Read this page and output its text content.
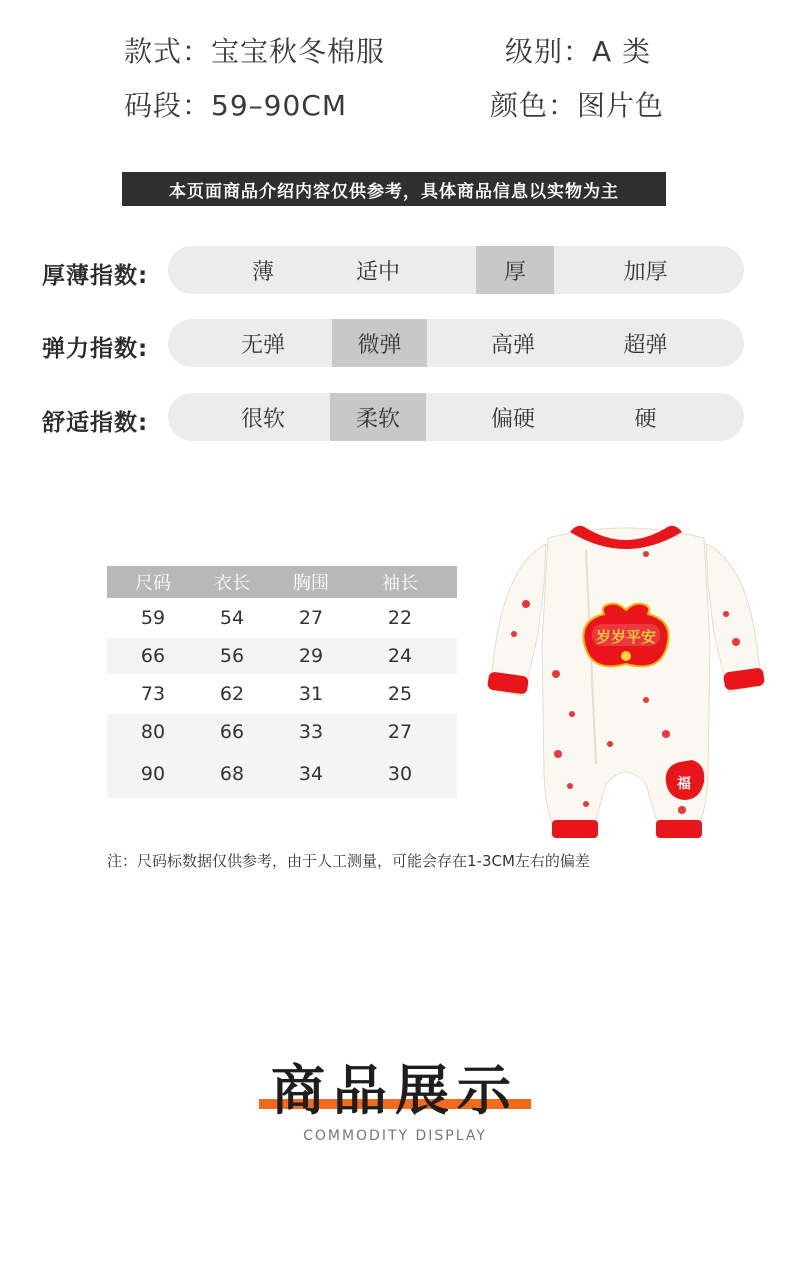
款式：宝宝秋冬棉服	级别：A 类
码段：59–90CM	颜色：图片色
本页面商品介绍内容仅供参考，具体商品信息以实物为主
厚薄指数:	薄	适中	厚	加厚
弹力指数:	无弹	微弹	高弹	超弹
舒适指数:	很软	柔软	偏硬	硬
尺码	衣长	胸围	袖长
59	54	27	22
66	56	29	24
73	62	31	25
80	66	33	27
90	68	34	30
岁岁平安
福
注：尺码标数据仅供参考，由于人工测量，可能会存在1-3CM左右的偏差
商品展示
COMMODITY DISPLAY
